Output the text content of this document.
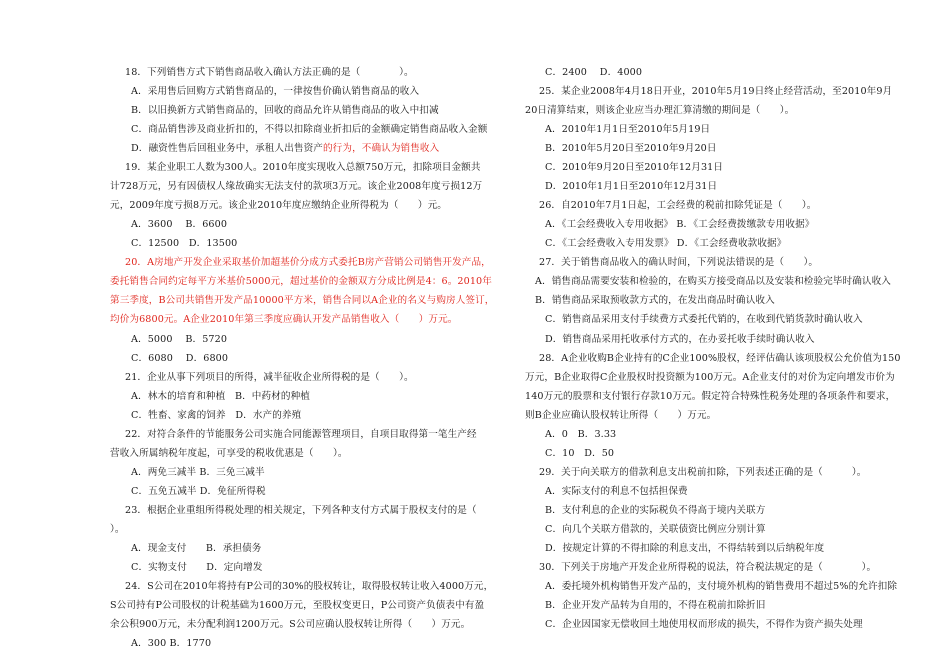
18．下列销售方式下销售商品收入确认方法正确的是（　　　　）。
A．采用售后回购方式销售商品的，一律按售价确认销售商品的收入
B．以旧换新方式销售商品的，回收的商品允许从销售商品的收入中扣减
C．商品销售涉及商业折扣的，不得以扣除商业折扣后的金额确定销售商品收入金额
D．融资性售后回租业务中，承租人出售资产的行为，不确认为销售收入
19．某企业职工人数为300人。2010年度实现收入总额750万元，扣除项目金额共
计728万元，另有因债权人缘故确实无法支付的款项3万元。该企业2008年度亏损12万
元，2009年度亏损8万元。该企业2010年度应缴纳企业所得税为（　　）元。
A．3600　 B．6600
C．12500　D．13500
20．A房地产开发企业采取基价加超基价分成方式委托B房产营销公司销售开发产品，
委托销售合同约定每平方米基价5000元，超过基价的金额双方分成比例是4：6。2010年
第三季度，B公司共销售开发产品10000平方米，销售合同以A企业的名义与购房人签订，
均价为6800元。A企业2010年第三季度应确认开发产品销售收入（　　）万元。
A．5000　 B．5720
C．6080　 D．6800
21．企业从事下列项目的所得，减半征收企业所得税的是（　　）。
A．林木的培育和种植　B．中药材的种植
C．牲畜、家禽的饲养　D．水产的养殖
22．对符合条件的节能服务公司实施合同能源管理项目，自项目取得第一笔生产经
营收入所属纳税年度起，可享受的税收优惠是（　　）。
A．两免三减半 B．三免三减半
C．五免五减半 D．免征所得税
23．根据企业重组所得税处理的相关规定，下列各种支付方式属于股权支付的是（
）。
A．现金支付　　B．承担债务
C．实物支付　　D．定向增发
24．S公司在2010年将持有P公司的30%的股权转让，取得股权转让收入4000万元，
S公司持有P公司股权的计税基础为1600万元，至股权变更日，P公司资产负债表中有盈
余公积900万元，未分配利润1200万元。S公司应确认股权转让所得（　　）万元。
A．300 B．1770
C．2400　 D．4000
25．某企业2008年4月18日开业，2010年5月19日终止经营活动，至2010年9月
20日清算结束，则该企业应当办理汇算清缴的期间是（　　）。
A．2010年1月1日至2010年5月19日
B．2010年5月20日至2010年9月20日
C．2010年9月20日至2010年12月31日
D．2010年1月1日至2010年12月31日
26．自2010年7月1日起，工会经费的税前扣除凭证是（　　）。
A．《工会经费收入专用收据》 B．《工会经费拨缴款专用收据》
C．《工会经费收入专用发票》 D．《工会经费收款收据》
27．关于销售商品收入的确认时间，下列说法错误的是（　　）。
A．销售商品需要安装和检验的，在购买方接受商品以及安装和检验完毕时确认收入
B．销售商品采取预收款方式的，在发出商品时确认收入
C．销售商品采用支付手续费方式委托代销的，在收到代销货款时确认收入
D．销售商品采用托收承付方式的，在办妥托收手续时确认收入
28．A企业收购B企业持有的C企业100%股权，经评估确认该项股权公允价值为150
万元，B企业取得C企业股权时投资额为100万元。A企业支付的对价为定向增发市价为
140万元的股票和支付银行存款10万元。假定符合特殊性税务处理的各项条件和要求，
则B企业应确认股权转让所得（　　）万元。
A．0　B．3.33
C．10　D．50
29．关于向关联方的借款利息支出税前扣除，下列表述正确的是（　　　）。
A．实际支付的利息不包括担保费
B．支付利息的企业的实际税负不得高于境内关联方
C．向几个关联方借款的，关联债资比例应分别计算
D．按规定计算的不得扣除的利息支出，不得结转到以后纳税年度
30．下列关于房地产开发企业所得税的说法，符合税法规定的是（　　　　）。
A．委托境外机构销售开发产品的，支付境外机构的销售费用不超过5%的允许扣除
B．企业开发产品转为自用的，不得在税前扣除折旧
C．企业因国家无偿收回土地使用权而形成的损失，不得作为资产损失处理
